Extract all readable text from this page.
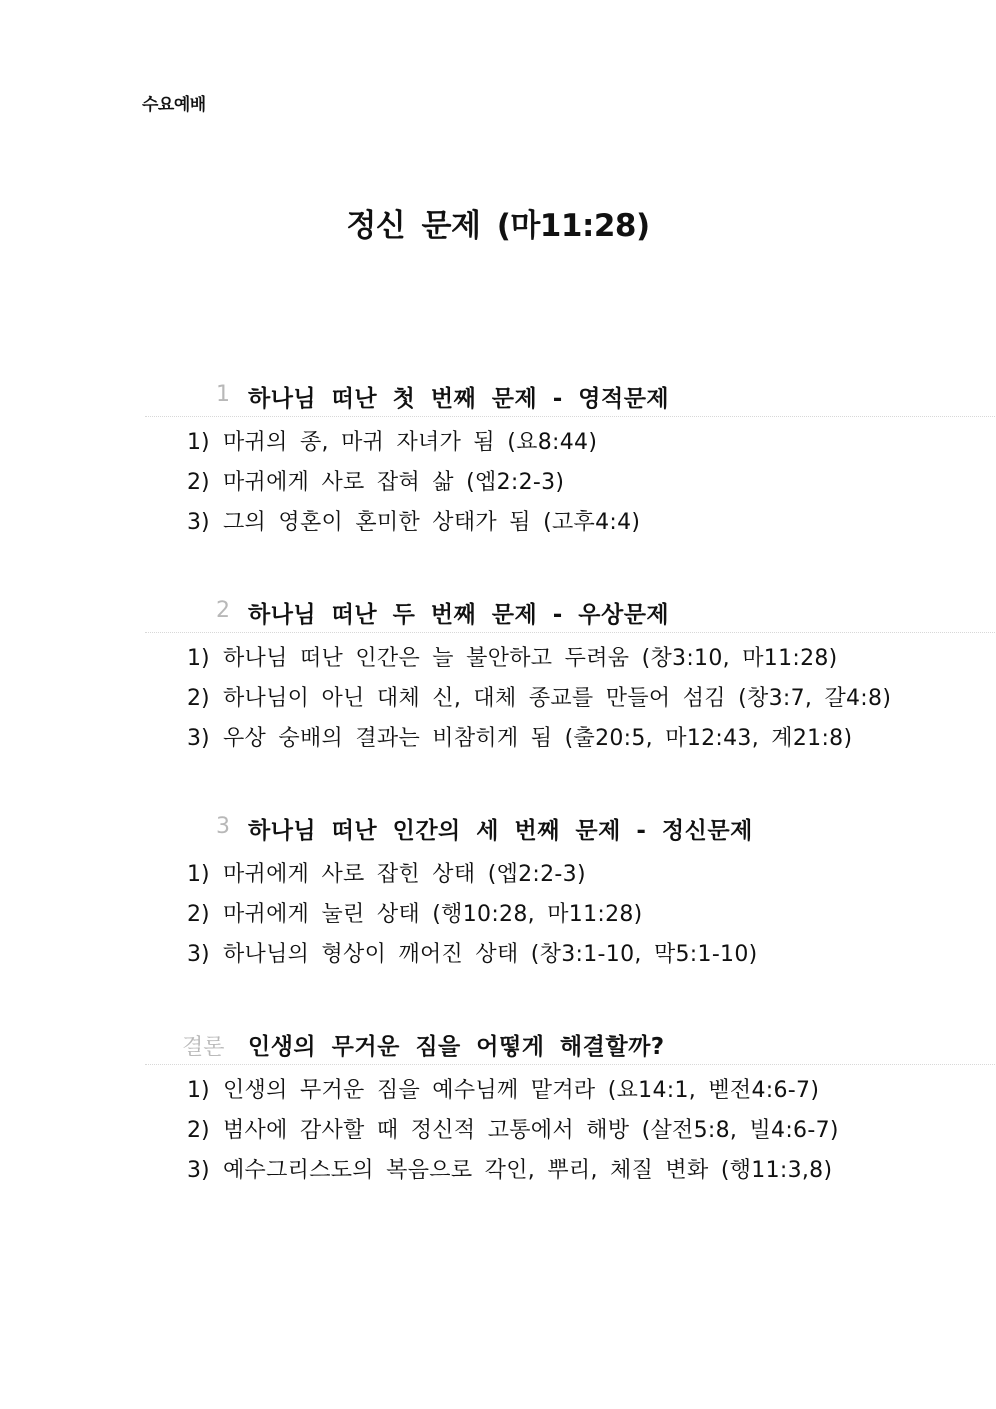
수요예배
정신 문제 (마11:28)
1 하나님 떠난 첫 번째 문제 - 영적문제
1) 마귀의 종, 마귀 자녀가 됨 (요8:44)
2) 마귀에게 사로 잡혀 삶 (엡2:2-3)
3) 그의 영혼이 혼미한 상태가 됨 (고후4:4)
2 하나님 떠난 두 번째 문제 - 우상문제
1) 하나님 떠난 인간은 늘 불안하고 두려움 (창3:10, 마11:28)
2) 하나님이 아닌 대체 신, 대체 종교를 만들어 섬김 (창3:7, 갈4:8)
3) 우상 숭배의 결과는 비참히게 됨 (출20:5, 마12:43, 계21:8)
3 하나님 떠난 인간의 세 번째 문제 - 정신문제
1) 마귀에게 사로 잡힌 상태 (엡2:2-3)
2) 마귀에게 눌린 상태 (행10:28, 마11:28)
3) 하나님의 형상이 깨어진 상태 (창3:1-10, 막5:1-10)
결론 인생의 무거운 짐을 어떻게 해결할까?
1) 인생의 무거운 짐을 예수님께 맡겨라 (요14:1, 벧전4:6-7)
2) 범사에 감사할 때 정신적 고통에서 해방 (살전5:8, 빌4:6-7)
3) 예수그리스도의 복음으로 각인, 뿌리, 체질 변화 (행11:3,8)
